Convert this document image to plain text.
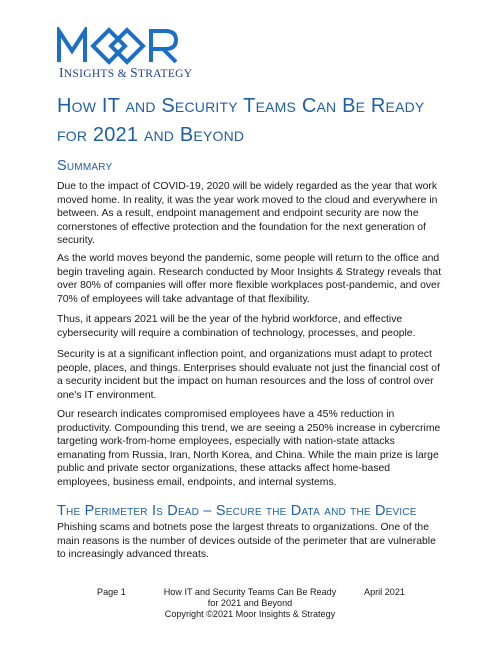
INSIGHTS & STRATEGY
How IT and Security Teams Can Be Ready for 2021 and Beyond
Summary

Due to the impact of COVID-19, 2020 will be widely regarded as the year that work moved home. In reality, it was the year work moved to the cloud and everywhere in between. As a result, endpoint management and endpoint security are now the cornerstones of effective protection and the foundation for the next generation of security.

As the world moves beyond the pandemic, some people will return to the office and begin traveling again. Research conducted by Moor Insights & Strategy reveals that over 80% of companies will offer more flexible workplaces post-pandemic, and over 70% of employees will take advantage of that flexibility.

Thus, it appears 2021 will be the year of the hybrid workforce, and effective cybersecurity will require a combination of technology, processes, and people.

Security is at a significant inflection point, and organizations must adapt to protect people, places, and things. Enterprises should evaluate not just the financial cost of a security incident but the impact on human resources and the loss of control over one's IT environment.

Our research indicates compromised employees have a 45% reduction in productivity. Compounding this trend, we are seeing a 250% increase in cybercrime targeting work-from-home employees, especially with nation-state attacks emanating from Russia, Iran, North Korea, and China. While the main prize is large public and private sector organizations, these attacks affect home-based employees, business email, endpoints, and internal systems.

The Perimeter Is Dead – Secure the Data and the Device

Phishing scams and botnets pose the largest threats to organizations. One of the main reasons is the number of devices outside of the perimeter that are vulnerable to increasingly advanced threats.

Page 1	How IT and Security Teams Can Be Ready
for 2021 and Beyond
Copyright ©2021 Moor Insights & Strategy
April 2021
